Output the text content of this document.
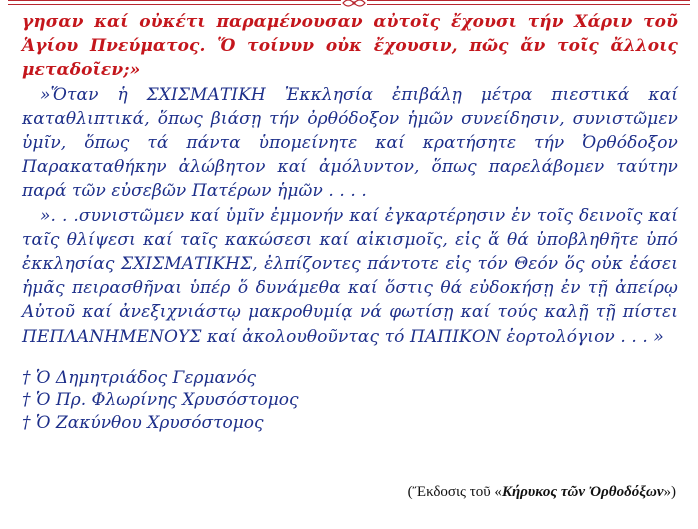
γησαν καί οὐκέτι παραμένουσαν αὐτοῖς ἔχουσι τήν Χάριν τοῦ Ἁγίου Πνεύματος. Ὅ τοίνυν οὐκ ἔχουσιν, πῶς ἄν τοῖς ἄλλοις μεταδοῖεν;»

»Ὅταν ἡ ΣΧΙΣΜΑΤΙΚΗ Ἐκκλησία ἐπιβάλῃ μέτρα πιεστικά καί καταθλιπτικά, ὅπως βιάσῃ τήν ὀρθόδοξον ἡμῶν συνείδησιν, συνιστῶμεν ὑμῖν, ὅπως τά πάντα ὑπομείνητε καί κρατήσητε τήν Ὀρθόδοξον Παρακαταθήκην ἀλώβητον καί ἀμόλυντον, ὅπως παρελάβομεν ταύτην παρά τῶν εὐσεβῶν Πατέρων ἡμῶν . . . .

». . .συνιστῶμεν καί ὑμῖν ἐμμονήν καί ἐγκαρτέρησιν ἐν τοῖς δεινοῖς καί ταῖς θλίψεσι καί ταῖς κακώσεσι καί αἰκισμοῖς, εἰς ἅ θά ὑποβληθῆτε ὑπό ἐκκλησίας ΣΧΙΣΜΑΤΙΚΗΣ, ἐλπίζοντες πάντοτε εἰς τόν Θεόν ὅς οὐκ ἐάσει ἡμᾶς πειρασθῆναι ὑπέρ ὅ δυνάμεθα καί ὅστις θά εὐδοκήσῃ ἐν τῇ ἀπείρῳ Αὐτοῦ καί ἀνεξιχνιάστῳ μακροθυμίᾳ νά φωτίσῃ καί τούς καλῇ τῇ πίστει ΠΕΠΛΑΝΗΜΕΝΟΥΣ καί ἀκολουθοῦντας τό ΠΑΠΙΚΟΝ ἑορτολόγιον . . . »

† Ὁ Δημητριάδος Γερμανός
† Ὁ Πρ. Φλωρίνης Χρυσόστομος
† Ὁ Ζακύνθου Χρυσόστομος
(Ἔκδοσις τοῦ «Κήρυκος τῶν Ὀρθοδόξων»)
